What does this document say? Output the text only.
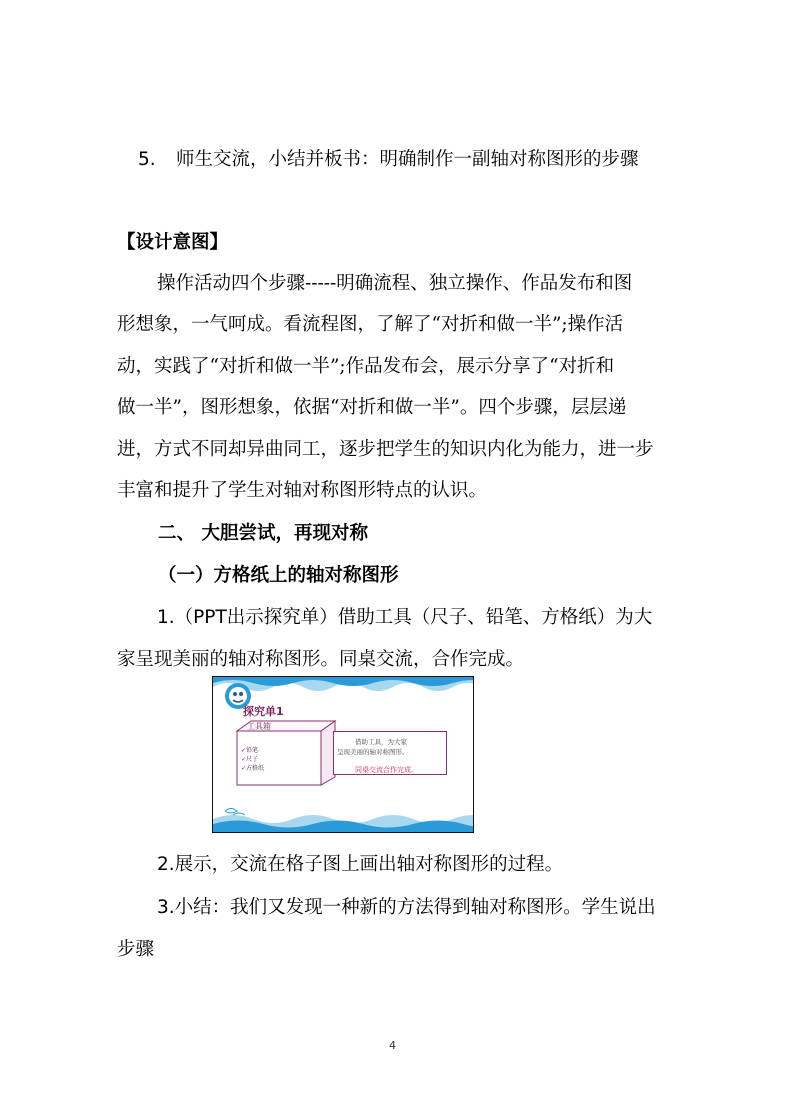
5. 师生交流，小结并板书：明确制作一副轴对称图形的步骤
【设计意图】
操作活动四个步骤-----明确流程、独立操作、作品发布和图
形想象，一气呵成。看流程图，了解了“对折和做一半”;操作活
动，实践了“对折和做一半”;作品发布会，展示分享了“对折和
做一半”，图形想象，依据“对折和做一半”。四个步骤，层层递
进，方式不同却异曲同工，逐步把学生的知识内化为能力，进一步
丰富和提升了学生对轴对称图形特点的认识。
二、 大胆尝试，再现对称
（一）方格纸上的轴对称图形
1.（PPT出示探究单）借助工具（尺子、铅笔、方格纸）为大
家呈现美丽的轴对称图形。同桌交流，合作完成。
探究单1
工具箱
✓铅笔
✓尺子
✓方格纸
借助工具，为大家
呈现美丽的轴对称图形。
同桌交流合作完成。
2.展示，交流在格子图上画出轴对称图形的过程。
3.小结：我们又发现一种新的方法得到轴对称图形。学生说出
步骤
4
